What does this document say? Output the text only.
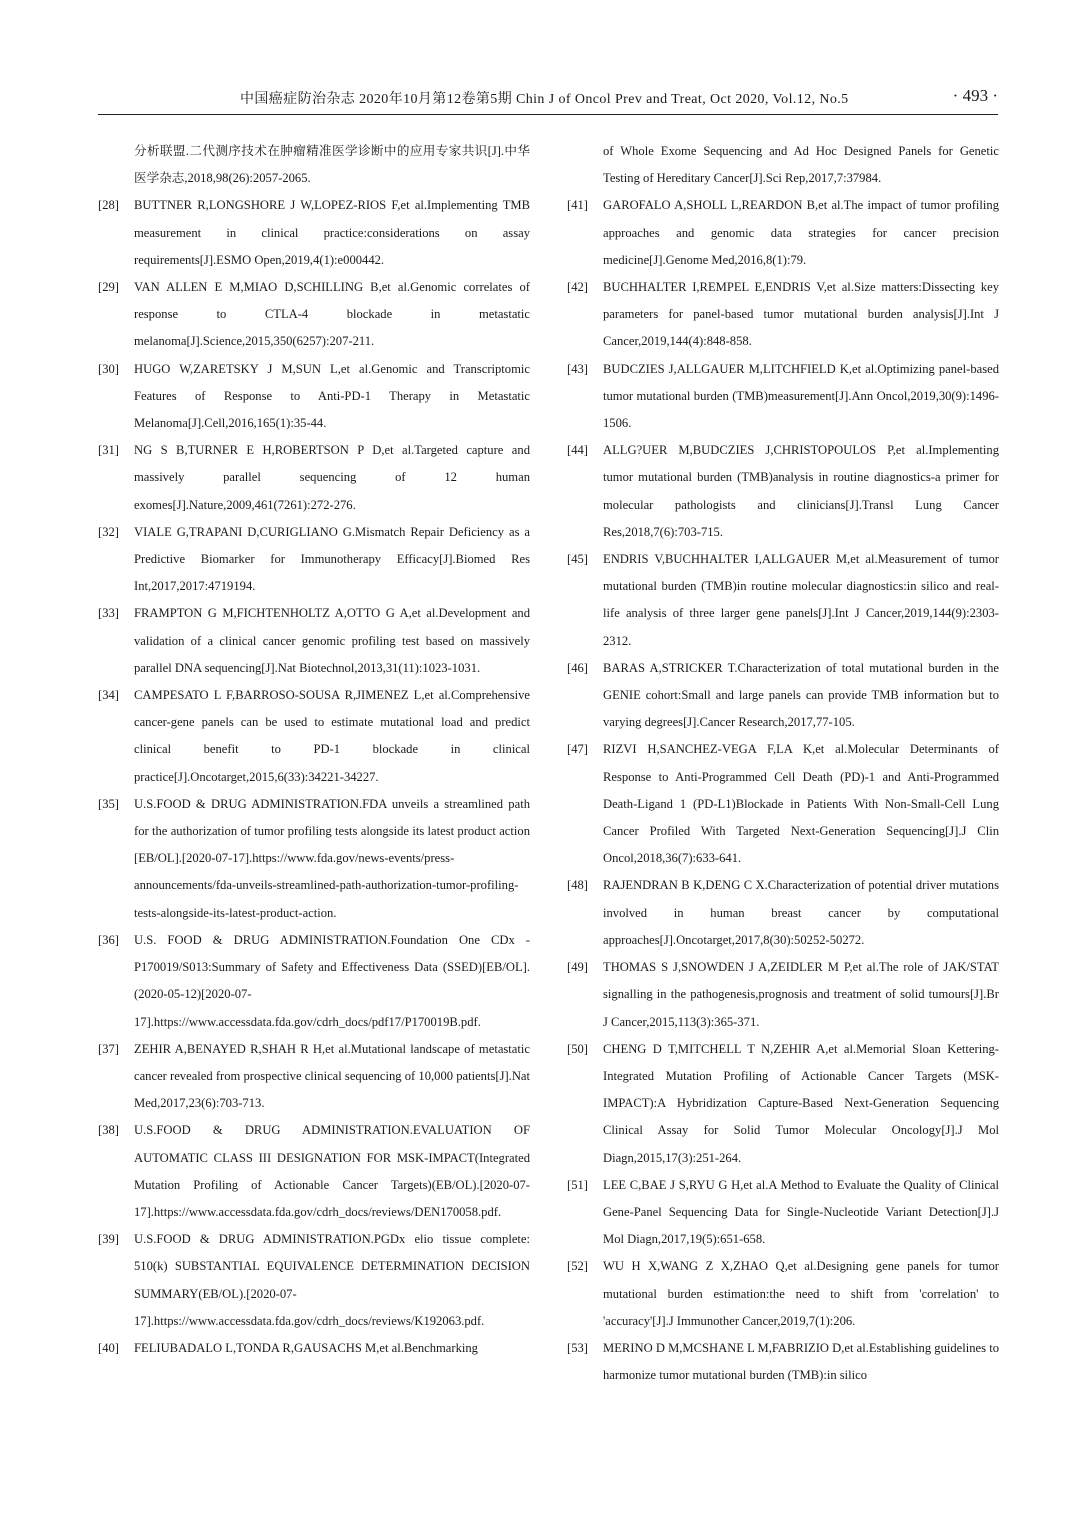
中国癌症防治杂志 2020年10月第12卷第5期 Chin J of Oncol Prev and Treat, Oct 2020, Vol.12, No.5	· 493 ·
分析联盟.二代测序技术在肿瘤精准医学诊断中的应用专家共识[J].中华医学杂志,2018,98(26):2057-2065.
[28] BUTTNER R,LONGSHORE J W,LOPEZ-RIOS F,et al.Implementing TMB measurement in clinical practice:considerations on assay requirements[J].ESMO Open,2019,4(1):e000442.
[29] VAN ALLEN E M,MIAO D,SCHILLING B,et al.Genomic correlates of response to CTLA-4 blockade in metastatic melanoma[J].Science,2015,350(6257):207-211.
[30] HUGO W,ZARETSKY J M,SUN L,et al.Genomic and Transcriptomic Features of Response to Anti-PD-1 Therapy in Metastatic Melanoma[J].Cell,2016,165(1):35-44.
[31] NG S B,TURNER E H,ROBERTSON P D,et al.Targeted capture and massively parallel sequencing of 12 human exomes[J].Nature,2009,461(7261):272-276.
[32] VIALE G,TRAPANI D,CURIGLIANO G.Mismatch Repair Deficiency as a Predictive Biomarker for Immunotherapy Efficacy[J].Biomed Res Int,2017,2017:4719194.
[33] FRAMPTON G M,FICHTENHOLTZ A,OTTO G A,et al.Development and validation of a clinical cancer genomic profiling test based on massively parallel DNA sequencing[J].Nat Biotechnol,2013,31(11):1023-1031.
[34] CAMPESATO L F,BARROSO-SOUSA R,JIMENEZ L,et al.Comprehensive cancer-gene panels can be used to estimate mutational load and predict clinical benefit to PD-1 blockade in clinical practice[J].Oncotarget,2015,6(33):34221-34227.
[35] U.S.FOOD & DRUG ADMINISTRATION.FDA unveils a streamlined path for the authorization of tumor profiling tests alongside its latest product action [EB/OL].[2020-07-17].https://www.fda.gov/news-events/press-announcements/fda-unveils-streamlined-path-authorization-tumor-profiling-tests-alongside-its-latest-product-action.
[36] U.S. FOOD & DRUG ADMINISTRATION.Foundation One CDx - P170019/S013:Summary of Safety and Effectiveness Data (SSED)[EB/OL].(2020-05-12)[2020-07-17].https://www.accessdata.fda.gov/cdrh_docs/pdf17/P170019B.pdf.
[37] ZEHIR A,BENAYED R,SHAH R H,et al.Mutational landscape of metastatic cancer revealed from prospective clinical sequencing of 10,000 patients[J].Nat Med,2017,23(6):703-713.
[38] U.S.FOOD & DRUG ADMINISTRATION.EVALUATION OF AUTOMATIC CLASS III DESIGNATION FOR MSK-IMPACT(Integrated Mutation Profiling of Actionable Cancer Targets)(EB/OL).[2020-07-17].https://www.accessdata.fda.gov/cdrh_docs/reviews/DEN170058.pdf.
[39] U.S.FOOD & DRUG ADMINISTRATION.PGDx elio tissue complete: 510(k) SUBSTANTIAL EQUIVALENCE DETERMINATION DECISION SUMMARY(EB/OL).[2020-07-17].https://www.accessdata.fda.gov/cdrh_docs/reviews/K192063.pdf.
[40] FELIUBADALO L,TONDA R,GAUSACHS M,et al.Benchmarking
of Whole Exome Sequencing and Ad Hoc Designed Panels for Genetic Testing of Hereditary Cancer[J].Sci Rep,2017,7:37984.
[41] GAROFALO A,SHOLL L,REARDON B,et al.The impact of tumor profiling approaches and genomic data strategies for cancer precision medicine[J].Genome Med,2016,8(1):79.
[42] BUCHHALTER I,REMPEL E,ENDRIS V,et al.Size matters:Dissecting key parameters for panel-based tumor mutational burden analysis[J].Int J Cancer,2019,144(4):848-858.
[43] BUDCZIES J,ALLGAUER M,LITCHFIELD K,et al.Optimizing panel-based tumor mutational burden (TMB)measurement[J].Ann Oncol,2019,30(9):1496-1506.
[44] ALLG?UER M,BUDCZIES J,CHRISTOPOULOS P,et al.Implementing tumor mutational burden (TMB)analysis in routine diagnostics-a primer for molecular pathologists and clinicians[J].Transl Lung Cancer Res,2018,7(6):703-715.
[45] ENDRIS V,BUCHHALTER I,ALLGAUER M,et al.Measurement of tumor mutational burden (TMB)in routine molecular diagnostics:in silico and real-life analysis of three larger gene panels[J].Int J Cancer,2019,144(9):2303-2312.
[46] BARAS A,STRICKER T.Characterization of total mutational burden in the GENIE cohort:Small and large panels can provide TMB information but to varying degrees[J].Cancer Research,2017,77-105.
[47] RIZVI H,SANCHEZ-VEGA F,LA K,et al.Molecular Determinants of Response to Anti-Programmed Cell Death (PD)-1 and Anti-Programmed Death-Ligand 1 (PD-L1)Blockade in Patients With Non-Small-Cell Lung Cancer Profiled With Targeted Next-Generation Sequencing[J].J Clin Oncol,2018,36(7):633-641.
[48] RAJENDRAN B K,DENG C X.Characterization of potential driver mutations involved in human breast cancer by computational approaches[J].Oncotarget,2017,8(30):50252-50272.
[49] THOMAS S J,SNOWDEN J A,ZEIDLER M P,et al.The role of JAK/STAT signalling in the pathogenesis,prognosis and treatment of solid tumours[J].Br J Cancer,2015,113(3):365-371.
[50] CHENG D T,MITCHELL T N,ZEHIR A,et al.Memorial Sloan Kettering-Integrated Mutation Profiling of Actionable Cancer Targets (MSK-IMPACT):A Hybridization Capture-Based Next-Generation Sequencing Clinical Assay for Solid Tumor Molecular Oncology[J].J Mol Diagn,2015,17(3):251-264.
[51] LEE C,BAE J S,RYU G H,et al.A Method to Evaluate the Quality of Clinical Gene-Panel Sequencing Data for Single-Nucleotide Variant Detection[J].J Mol Diagn,2017,19(5):651-658.
[52] WU H X,WANG Z X,ZHAO Q,et al.Designing gene panels for tumor mutational burden estimation:the need to shift from 'correlation' to 'accuracy'[J].J Immunother Cancer,2019,7(1):206.
[53] MERINO D M,MCSHANE L M,FABRIZIO D,et al.Establishing guidelines to harmonize tumor mutational burden (TMB):in silico
